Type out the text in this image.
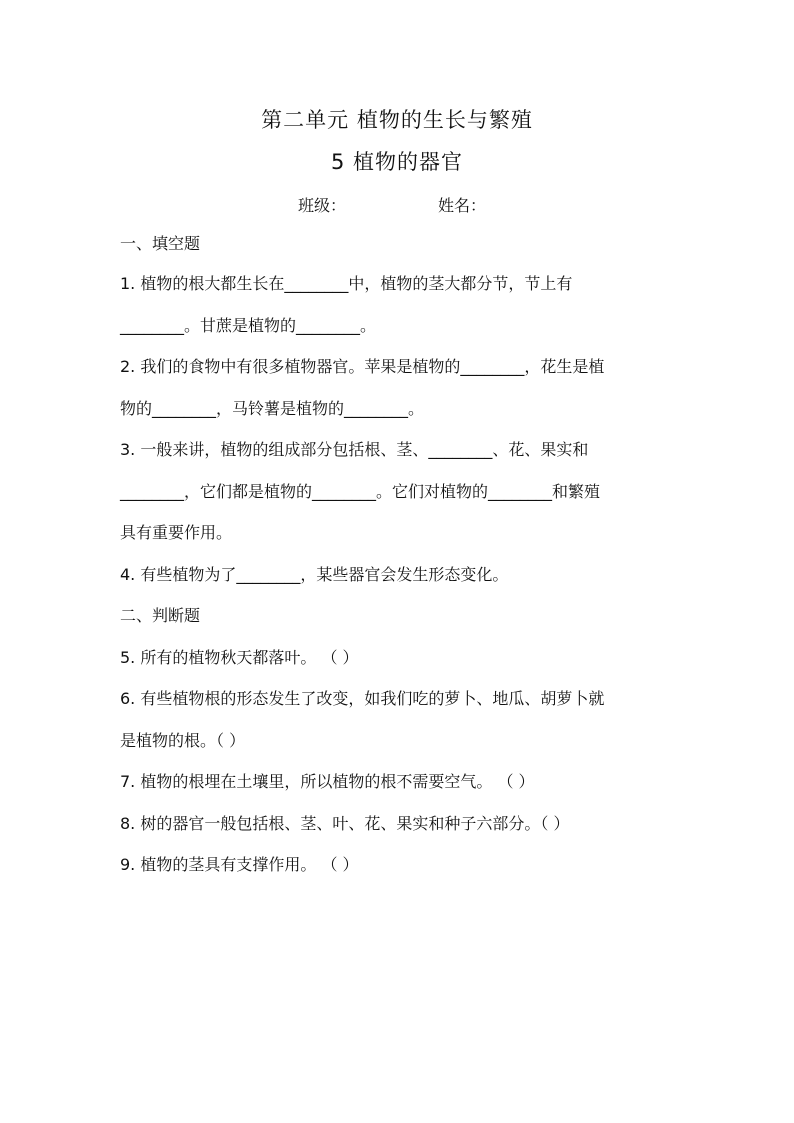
第二单元 植物的生长与繁殖
5 植物的器官
班级：	姓名：
一、填空题
1. 植物的根大都生长在________中，植物的茎大都分节，节上有
________。甘蔗是植物的________。
2. 我们的食物中有很多植物器官。苹果是植物的________，花生是植
物的________，马铃薯是植物的________。
3. 一般来讲，植物的组成部分包括根、茎、________、花、果实和
________，它们都是植物的________。它们对植物的________和繁殖
具有重要作用。
4. 有些植物为了________，某些器官会发生形态变化。
二、判断题
5. 所有的植物秋天都落叶。 （ ）
6. 有些植物根的形态发生了改变，如我们吃的萝卜、地瓜、胡萝卜就
是植物的根。（ ）
7. 植物的根埋在土壤里，所以植物的根不需要空气。 （ ）
8. 树的器官一般包括根、茎、叶、花、果实和种子六部分。（ ）
9. 植物的茎具有支撑作用。 （ ）
